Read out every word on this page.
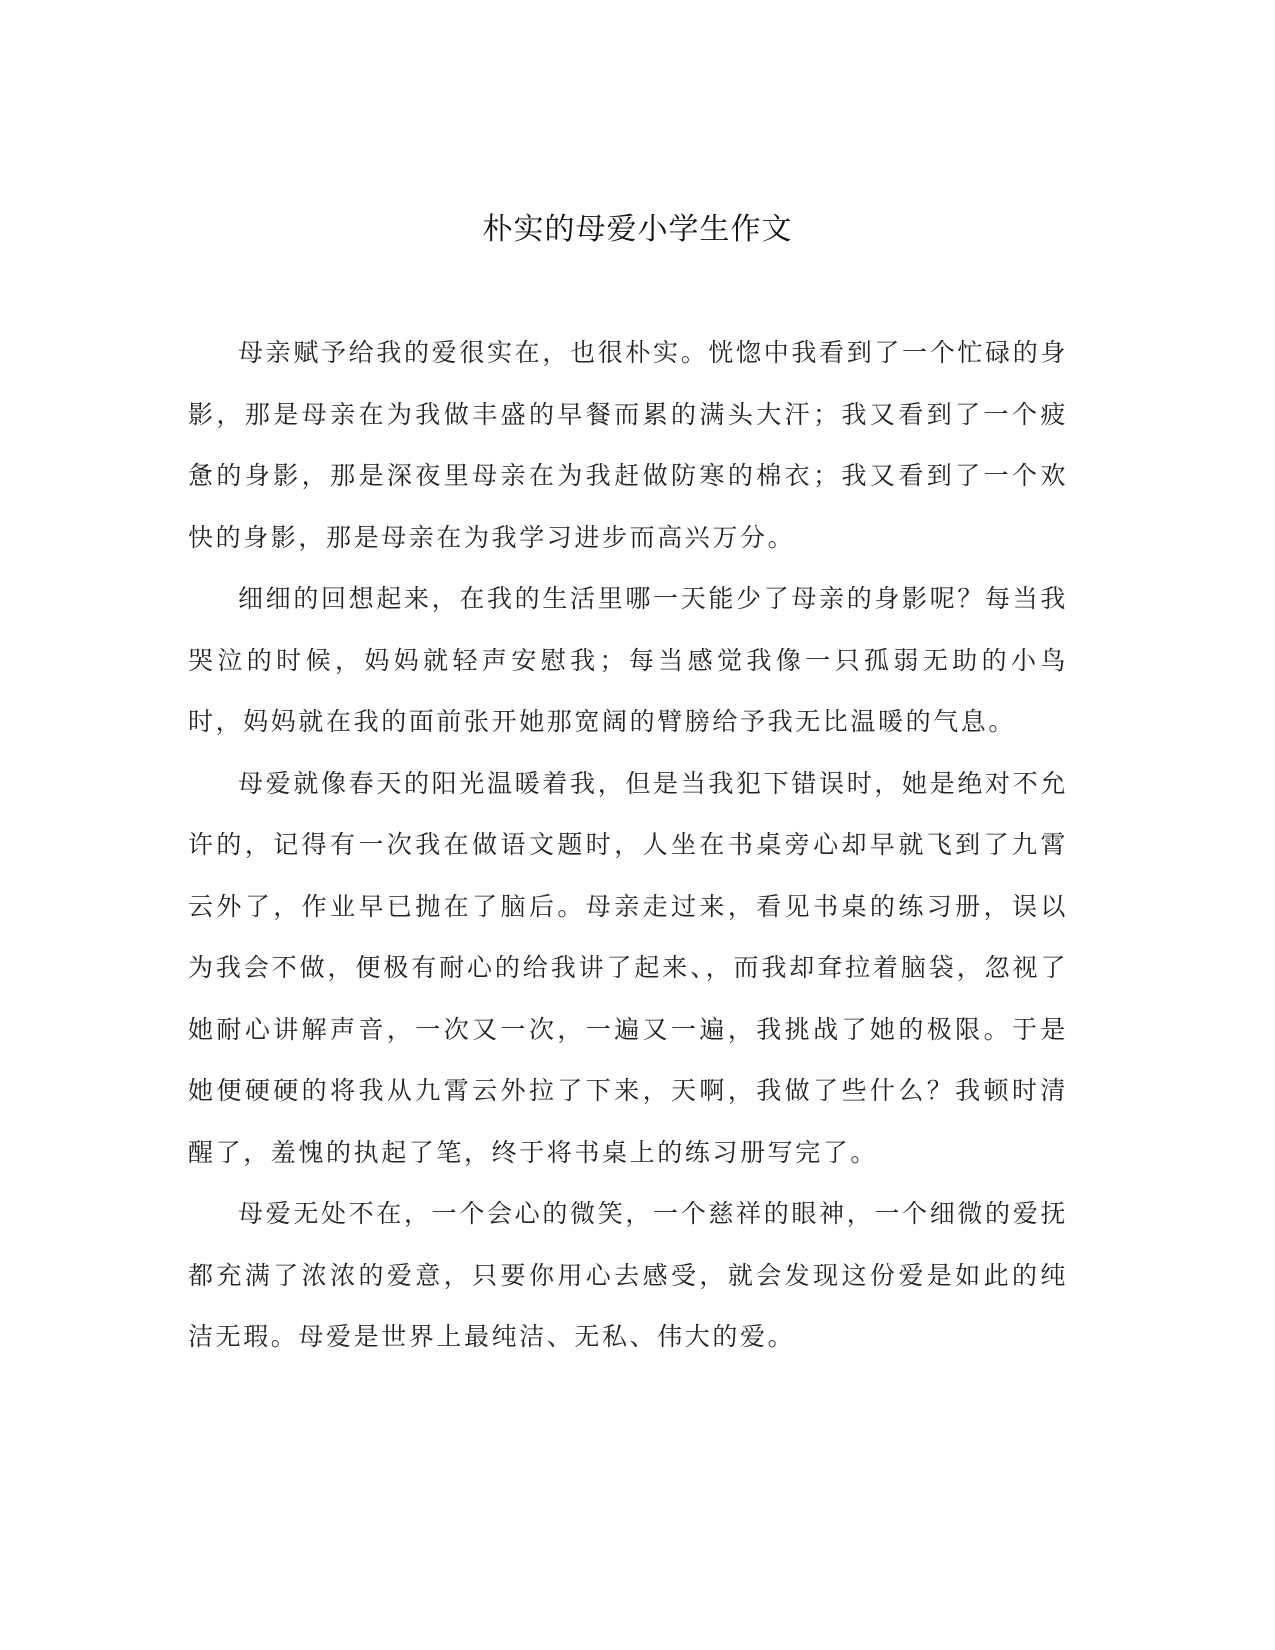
朴实的母爱小学生作文

母亲赋予给我的爱很实在，也很朴实。恍惚中我看到了一个忙碌的身影，那是母亲在为我做丰盛的早餐而累的满头大汗；我又看到了一个疲惫的身影，那是深夜里母亲在为我赶做防寒的棉衣；我又看到了一个欢快的身影，那是母亲在为我学习进步而高兴万分。

细细的回想起来，在我的生活里哪一天能少了母亲的身影呢？每当我哭泣的时候，妈妈就轻声安慰我；每当感觉我像一只孤弱无助的小鸟时，妈妈就在我的面前张开她那宽阔的臂膀给予我无比温暖的气息。

母爱就像春天的阳光温暖着我，但是当我犯下错误时，她是绝对不允许的，记得有一次我在做语文题时，人坐在书桌旁心却早就飞到了九霄云外了，作业早已抛在了脑后。母亲走过来，看见书桌的练习册，误以为我会不做，便极有耐心的给我讲了起来、，而我却耷拉着脑袋，忽视了她耐心讲解声音，一次又一次，一遍又一遍，我挑战了她的极限。于是她便硬硬的将我从九霄云外拉了下来，天啊，我做了些什么？我顿时清醒了，羞愧的执起了笔，终于将书桌上的练习册写完了。

母爱无处不在，一个会心的微笑，一个慈祥的眼神，一个细微的爱抚都充满了浓浓的爱意，只要你用心去感受，就会发现这份爱是如此的纯洁无瑕。母爱是世界上最纯洁、无私、伟大的爱。
